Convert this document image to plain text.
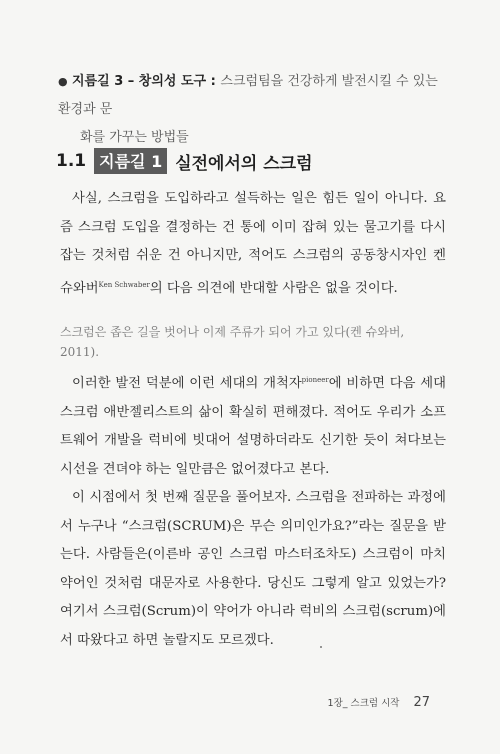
● 지름길 3 – 창의성 도구 : 스크럼팀을 건강하게 발전시킬 수 있는 환경과 문
화를 가꾸는 방법들
1.1 지름길 1 실전에서의 스크럼

사실, 스크럼을 도입하라고 설득하는 일은 힘든 일이 아니다. 요즘 스크럼 도입을 결정하는 건 통에 이미 잡혀 있는 물고기를 다시 잡는 것처럼 쉬운 건 아니지만, 적어도 스크럼의 공동창시자인 켄 슈와버$^{Ken Schwaber}$의 다음 의견에 반대할 사람은 없을 것이다.

스크럼은 좁은 길을 벗어나 이제 주류가 되어 가고 있다(켄 슈와버, 2011).

이러한 발전 덕분에 이런 세대의 개척자$^{pioneer}$에 비하면 다음 세대 스크럼 애반젤리스트의 삶이 확실히 편해졌다. 적어도 우리가 소프트웨어 개발을 럭비에 빗대어 설명하더라도 신기한 듯이 쳐다보는 시선을 견뎌야 하는 일만큼은 없어졌다고 본다.

이 시점에서 첫 번째 질문을 풀어보자. 스크럼을 전파하는 과정에서 누구나 “스크럼(SCRUM)은 무슨 의미인가요?”라는 질문을 받는다. 사람들은(이른바 공인 스크럼 마스터조차도) 스크럼이 마치 약어인 것처럼 대문자로 사용한다. 당신도 그렇게 알고 있었는가? 여기서 스크럼(Scrum)이 약어가 아니라 럭비의 스크럼(scrum)에서 따왔다고 하면 놀랄지도 모르겠다.

1장_ 스크럼 시작 27
